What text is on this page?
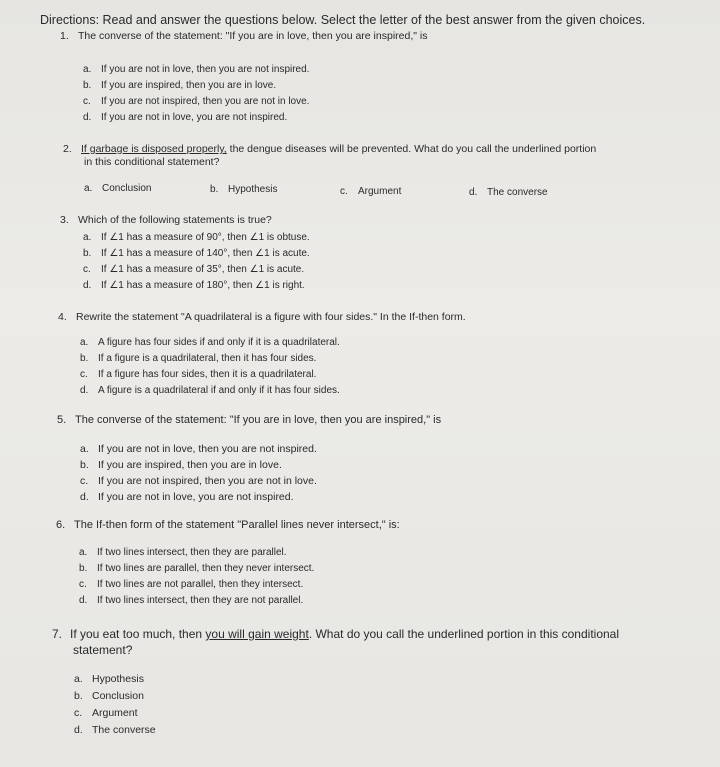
Directions: Read and answer the questions below. Select the letter of the best answer from the given choices.
1. The converse of the statement: "If you are in love, then you are inspired," is
a. If you are not in love, then you are not inspired.
b. If you are inspired, then you are in love.
c. If you are not inspired, then you are not in love.
d. If you are not in love, you are not inspired.
2. If garbage is disposed properly, the dengue diseases will be prevented. What do you call the underlined portion
in this conditional statement?
a. Conclusion	b. Hypothesis	c. Argument	d. The converse
3. Which of the following statements is true?
a. If ∠1 has a measure of 90°, then ∠1 is obtuse.
b. If ∠1 has a measure of 140°, then ∠1 is acute.
c. If ∠1 has a measure of 35°, then ∠1 is acute.
d. If ∠1 has a measure of 180°, then ∠1 is right.
4. Rewrite the statement "A quadrilateral is a figure with four sides." In the If-then form.
a. A figure has four sides if and only if it is a quadrilateral.
b. If a figure is a quadrilateral, then it has four sides.
c. If a figure has four sides, then it is a quadrilateral.
d. A figure is a quadrilateral if and only if it has four sides.
5. The converse of the statement: "If you are in love, then you are inspired," is
a. If you are not in love, then you are not inspired.
b. If you are inspired, then you are in love.
c. If you are not inspired, then you are not in love.
d. If you are not in love, you are not inspired.
6. The If-then form of the statement "Parallel lines never intersect," is:
a. If two lines intersect, then they are parallel.
b. If two lines are parallel, then they never intersect.
c. If two lines are not parallel, then they intersect.
d. If two lines intersect, then they are not parallel.
7. If you eat too much, then you will gain weight. What do you call the underlined portion in this conditional
statement?
a. Hypothesis
b. Conclusion
c. Argument
d. The converse
